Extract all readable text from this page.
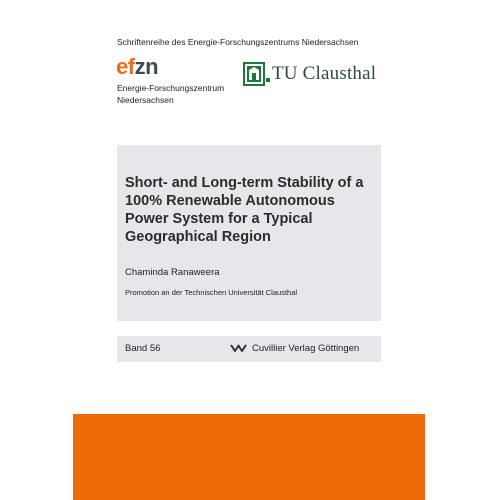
Schriftenreihe des Energie-Forschungszentrums Niedersachsen
efzn
Energie-Forschungszentrum
Niedersachsen
TU Clausthal
Short- and Long-term Stability of a 100% Renewable Autonomous Power System for a Typical Geographical Region
Chaminda Ranaweera
Promotion an der Technischen Universität Clausthal
Band 56	Cuvillier Verlag Göttingen
